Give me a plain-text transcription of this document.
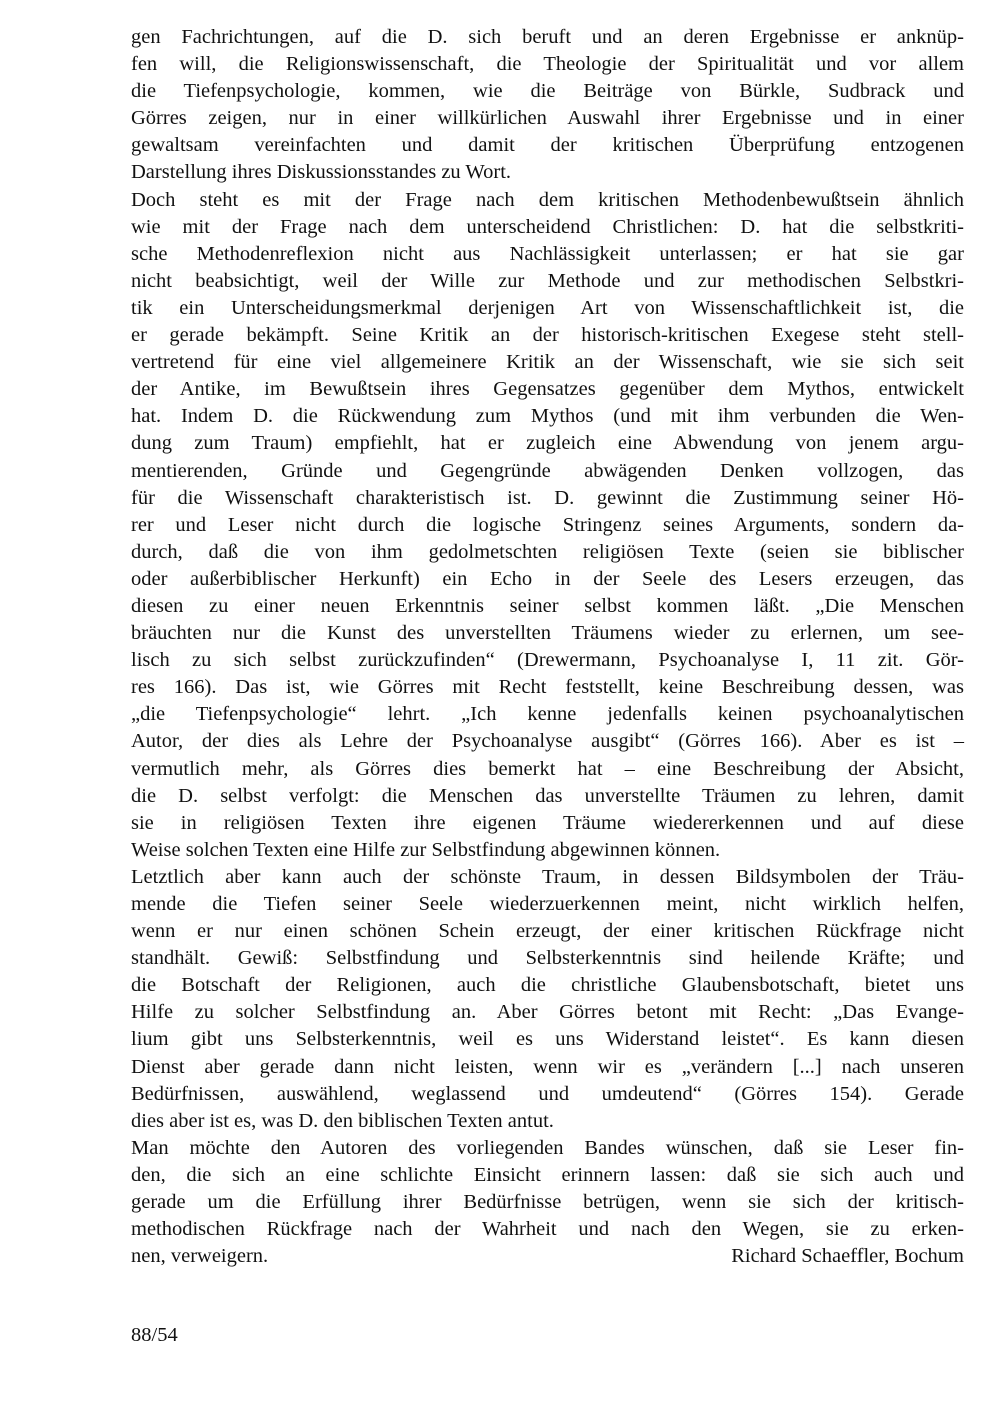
gen Fachrichtungen, auf die D. sich beruft und an deren Ergebnisse er anknüp-
fen will, die Religionswissenschaft, die Theologie der Spiritualität und vor allem
die Tiefenpsychologie, kommen, wie die Beiträge von Bürkle, Sudbrack und
Görres zeigen, nur in einer willkürlichen Auswahl ihrer Ergebnisse und in einer
gewaltsam vereinfachten und damit der kritischen Überprüfung entzogenen
Darstellung ihres Diskussionsstandes zu Wort.
Doch steht es mit der Frage nach dem kritischen Methodenbewußtsein ähnlich
wie mit der Frage nach dem unterscheidend Christlichen: D. hat die selbstkriti-
sche Methodenreflexion nicht aus Nachlässigkeit unterlassen; er hat sie gar
nicht beabsichtigt, weil der Wille zur Methode und zur methodischen Selbstkri-
tik ein Unterscheidungsmerkmal derjenigen Art von Wissenschaftlichkeit ist, die
er gerade bekämpft. Seine Kritik an der historisch-kritischen Exegese steht stell-
vertretend für eine viel allgemeinere Kritik an der Wissenschaft, wie sie sich seit
der Antike, im Bewußtsein ihres Gegensatzes gegenüber dem Mythos, entwickelt
hat. Indem D. die Rückwendung zum Mythos (und mit ihm verbunden die Wen-
dung zum Traum) empfiehlt, hat er zugleich eine Abwendung von jenem argu-
mentierenden, Gründe und Gegengründe abwägenden Denken vollzogen, das
für die Wissenschaft charakteristisch ist. D. gewinnt die Zustimmung seiner Hö-
rer und Leser nicht durch die logische Stringenz seines Arguments, sondern da-
durch, daß die von ihm gedolmetschten religiösen Texte (seien sie biblischer
oder außerbiblischer Herkunft) ein Echo in der Seele des Lesers erzeugen, das
diesen zu einer neuen Erkenntnis seiner selbst kommen läßt. „Die Menschen
bräuchten nur die Kunst des unverstellten Träumens wieder zu erlernen, um see-
lisch zu sich selbst zurückzufinden“ (Drewermann, Psychoanalyse I, 11 zit. Gör-
res 166). Das ist, wie Görres mit Recht feststellt, keine Beschreibung dessen, was
„die Tiefenpsychologie“ lehrt. „Ich kenne jedenfalls keinen psychoanalytischen
Autor, der dies als Lehre der Psychoanalyse ausgibt“ (Görres 166). Aber es ist –
vermutlich mehr, als Görres dies bemerkt hat – eine Beschreibung der Absicht,
die D. selbst verfolgt: die Menschen das unverstellte Träumen zu lehren, damit
sie in religiösen Texten ihre eigenen Träume wiedererkennen und auf diese
Weise solchen Texten eine Hilfe zur Selbstfindung abgewinnen können.
Letztlich aber kann auch der schönste Traum, in dessen Bildsymbolen der Träu-
mende die Tiefen seiner Seele wiederzuerkennen meint, nicht wirklich helfen,
wenn er nur einen schönen Schein erzeugt, der einer kritischen Rückfrage nicht
standhält. Gewiß: Selbstfindung und Selbsterkenntnis sind heilende Kräfte; und
die Botschaft der Religionen, auch die christliche Glaubensbotschaft, bietet uns
Hilfe zu solcher Selbstfindung an. Aber Görres betont mit Recht: „Das Evange-
lium gibt uns Selbsterkenntnis, weil es uns Widerstand leistet“. Es kann diesen
Dienst aber gerade dann nicht leisten, wenn wir es „verändern [...] nach unseren
Bedürfnissen, auswählend, weglassend und umdeutend“ (Görres 154). Gerade
dies aber ist es, was D. den biblischen Texten antut.
Man möchte den Autoren des vorliegenden Bandes wünschen, daß sie Leser fin-
den, die sich an eine schlichte Einsicht erinnern lassen: daß sie sich auch und
gerade um die Erfüllung ihrer Bedürfnisse betrügen, wenn sie sich der kritisch-
methodischen Rückfrage nach der Wahrheit und nach den Wegen, sie zu erken-
nen, verweigern.	Richard Schaeffler, Bochum
88/54
